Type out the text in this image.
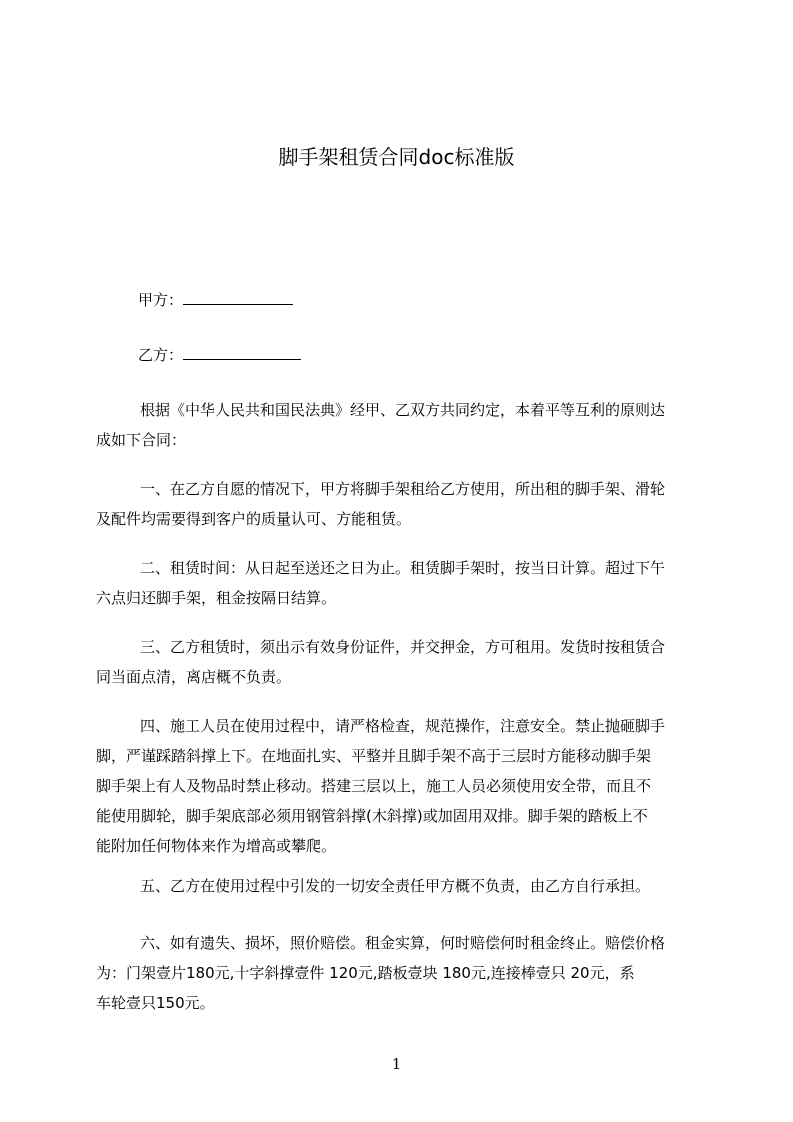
脚手架租赁合同doc标准版
甲方：
乙方：
根据《中华人民共和国民法典》经甲、乙双方共同约定，本着平等互利的原则达
成如下合同：
一、在乙方自愿的情况下，甲方将脚手架租给乙方使用，所出租的脚手架、滑轮
及配件均需要得到客户的质量认可、方能租赁。
二、租赁时间：从日起至送还之日为止。租赁脚手架时，按当日计算。超过下午
六点归还脚手架，租金按隔日结算。
三、乙方租赁时，须出示有效身份证件，并交押金，方可租用。发货时按租赁合
同当面点清，离店概不负责。
四、施工人员在使用过程中，请严格检查，规范操作，注意安全。禁止抛砸脚手
脚，严谨踩踏斜撑上下。在地面扎实、平整并且脚手架不高于三层时方能移动脚手架
脚手架上有人及物品时禁止移动。搭建三层以上，施工人员必须使用安全带，而且不
能使用脚轮，脚手架底部必须用钢管斜撑(木斜撑)或加固用双排。脚手架的踏板上不
能附加任何物体来作为增高或攀爬。
五、乙方在使用过程中引发的一切安全责任甲方概不负责，由乙方自行承担。
六、如有遗失、损坏，照价赔偿。租金实算，何时赔偿何时租金终止。赔偿价格
为：门架壹片180元,十字斜撑壹件 120元,踏板壹块 180元,连接棒壹只 20元，系
车轮壹只150元。
1
